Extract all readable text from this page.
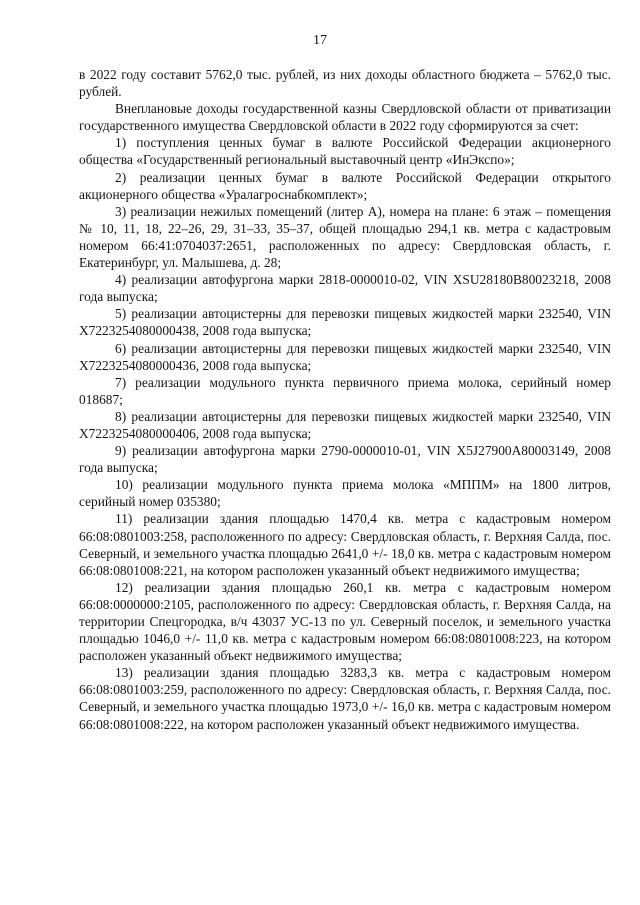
17

в 2022 году составит 5762,0 тыс. рублей, из них доходы областного бюджета – 5762,0 тыс. рублей.

Внеплановые доходы государственной казны Свердловской области от приватизации государственного имущества Свердловской области в 2022 году сформируются за счет:

1) поступления ценных бумаг в валюте Российской Федерации акционерного общества «Государственный региональный выставочный центр «ИнЭкспо»;

2) реализации ценных бумаг в валюте Российской Федерации открытого акционерного общества «Уралагроснабкомплект»;

3) реализации нежилых помещений (литер А), номера на плане: 6 этаж – помещения № 10, 11, 18, 22–26, 29, 31–33, 35–37, общей площадью 294,1 кв. метра с кадастровым номером 66:41:0704037:2651, расположенных по адресу: Свердловская область, г. Екатеринбург, ул. Малышева, д. 28;

4) реализации автофургона марки 2818-0000010-02, VIN XSU28180B80023218, 2008 года выпуска;

5) реализации автоцистерны для перевозки пищевых жидкостей марки 232540, VIN X7223254080000438, 2008 года выпуска;

6) реализации автоцистерны для перевозки пищевых жидкостей марки 232540, VIN X7223254080000436, 2008 года выпуска;

7) реализации модульного пункта первичного приема молока, серийный номер 018687;

8) реализации автоцистерны для перевозки пищевых жидкостей марки 232540, VIN X7223254080000406, 2008 года выпуска;

9) реализации автофургона марки 2790-0000010-01, VIN X5J27900A80003149, 2008 года выпуска;

10) реализации модульного пункта приема молока «МППМ» на 1800 литров, серийный номер 035380;

11) реализации здания площадью 1470,4 кв. метра с кадастровым номером 66:08:0801003:258, расположенного по адресу: Свердловская область, г. Верхняя Салда, пос. Северный, и земельного участка площадью 2641,0 +/- 18,0 кв. метра с кадастровым номером 66:08:0801008:221, на котором расположен указанный объект недвижимого имущества;

12) реализации здания площадью 260,1 кв. метра с кадастровым номером 66:08:0000000:2105, расположенного по адресу: Свердловская область, г. Верхняя Салда, на территории Спецгородка, в/ч 43037 УС-13 по ул. Северный поселок, и земельного участка площадью 1046,0 +/- 11,0 кв. метра с кадастровым номером 66:08:0801008:223, на котором расположен указанный объект недвижимого имущества;

13) реализации здания площадью 3283,3 кв. метра с кадастровым номером 66:08:0801003:259, расположенного по адресу: Свердловская область, г. Верхняя Салда, пос. Северный, и земельного участка площадью 1973,0 +/- 16,0 кв. метра с кадастровым номером 66:08:0801008:222, на котором расположен указанный объект недвижимого имущества.
